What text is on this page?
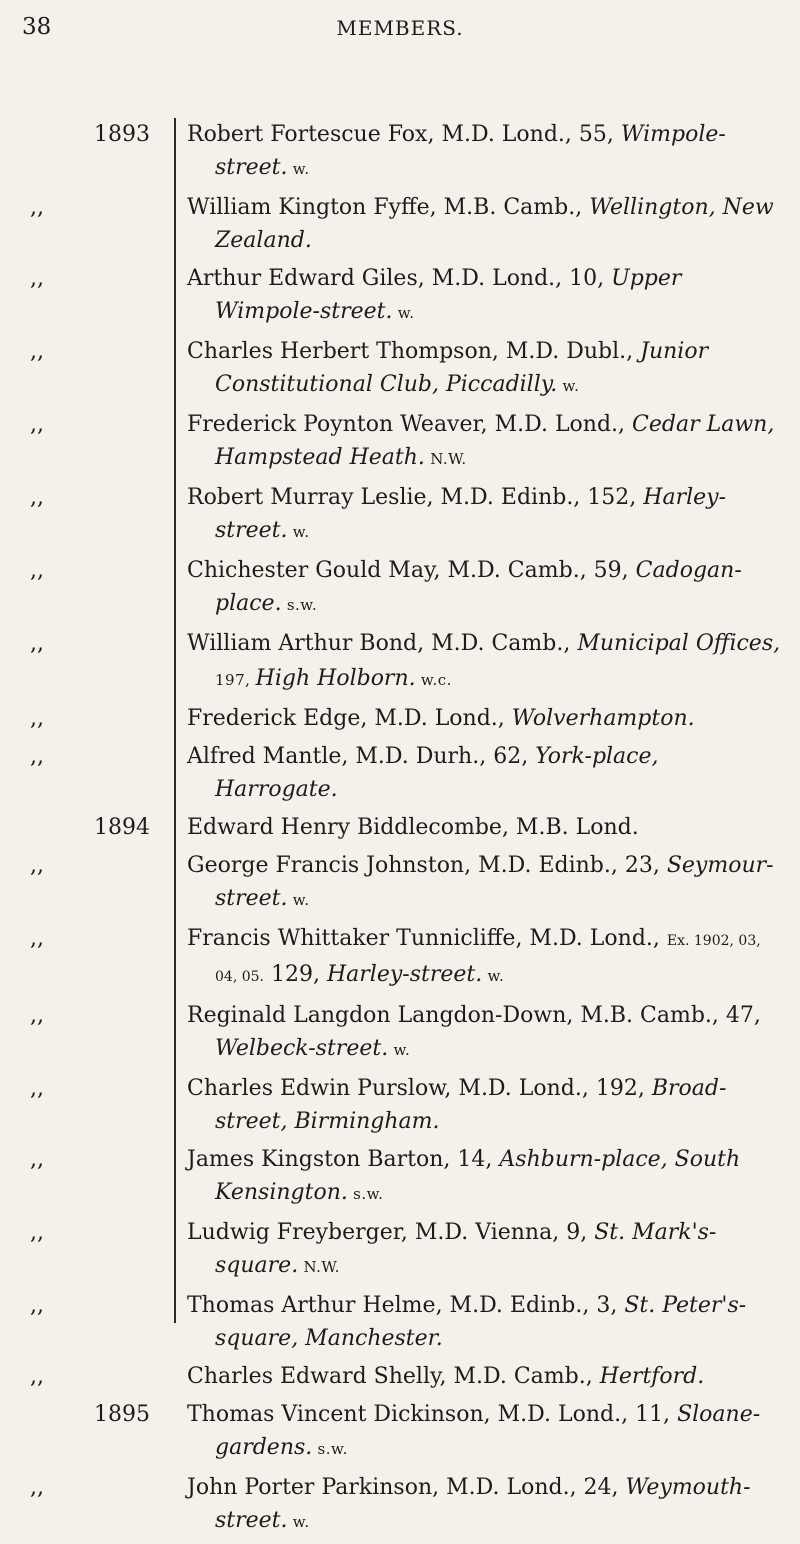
38	MEMBERS.
1893
,,
,,
,,
,,
,,
,,
,,
,,
,,
1894
,,
,,
,,
,,
,,
,,
,,
,,
1895
,,

Robert Fortescue Fox, M.D. Lond., 55, Wimpole-street. w.

William Kington Fyffe, M.B. Camb., Wellington, New Zealand.

Arthur Edward Giles, M.D. Lond., 10, Upper Wimpole-street. w.

Charles Herbert Thompson, M.D. Dubl., Junior Constitutional Club, Piccadilly. w.

Frederick Poynton Weaver, M.D. Lond., Cedar Lawn, Hampstead Heath. N.W.

Robert Murray Leslie, M.D. Edinb., 152, Harley-street. w.

Chichester Gould May, M.D. Camb., 59, Cadogan-place. s.w.

William Arthur Bond, M.D. Camb., Municipal Offices, 197, High Holborn. w.c.

Frederick Edge, M.D. Lond., Wolverhampton.

Alfred Mantle, M.D. Durh., 62, York-place, Harrogate.

Edward Henry Biddlecombe, M.B. Lond.

George Francis Johnston, M.D. Edinb., 23, Seymour-street. w.

Francis Whittaker Tunnicliffe, M.D. Lond., Ex. 1902, 03, 04, 05. 129, Harley-street. w.

Reginald Langdon Langdon-Down, M.B. Camb., 47, Welbeck-street. w.

Charles Edwin Purslow, M.D. Lond., 192, Broad-street, Birmingham.

James Kingston Barton, 14, Ashburn-place, South Kensington. s.w.

Ludwig Freyberger, M.D. Vienna, 9, St. Mark's-square. N.W.

Thomas Arthur Helme, M.D. Edinb., 3, St. Peter's-square, Manchester.

Charles Edward Shelly, M.D. Camb., Hertford.

Thomas Vincent Dickinson, M.D. Lond., 11, Sloane-gardens. s.w.

John Porter Parkinson, M.D. Lond., 24, Weymouth-street. w.
